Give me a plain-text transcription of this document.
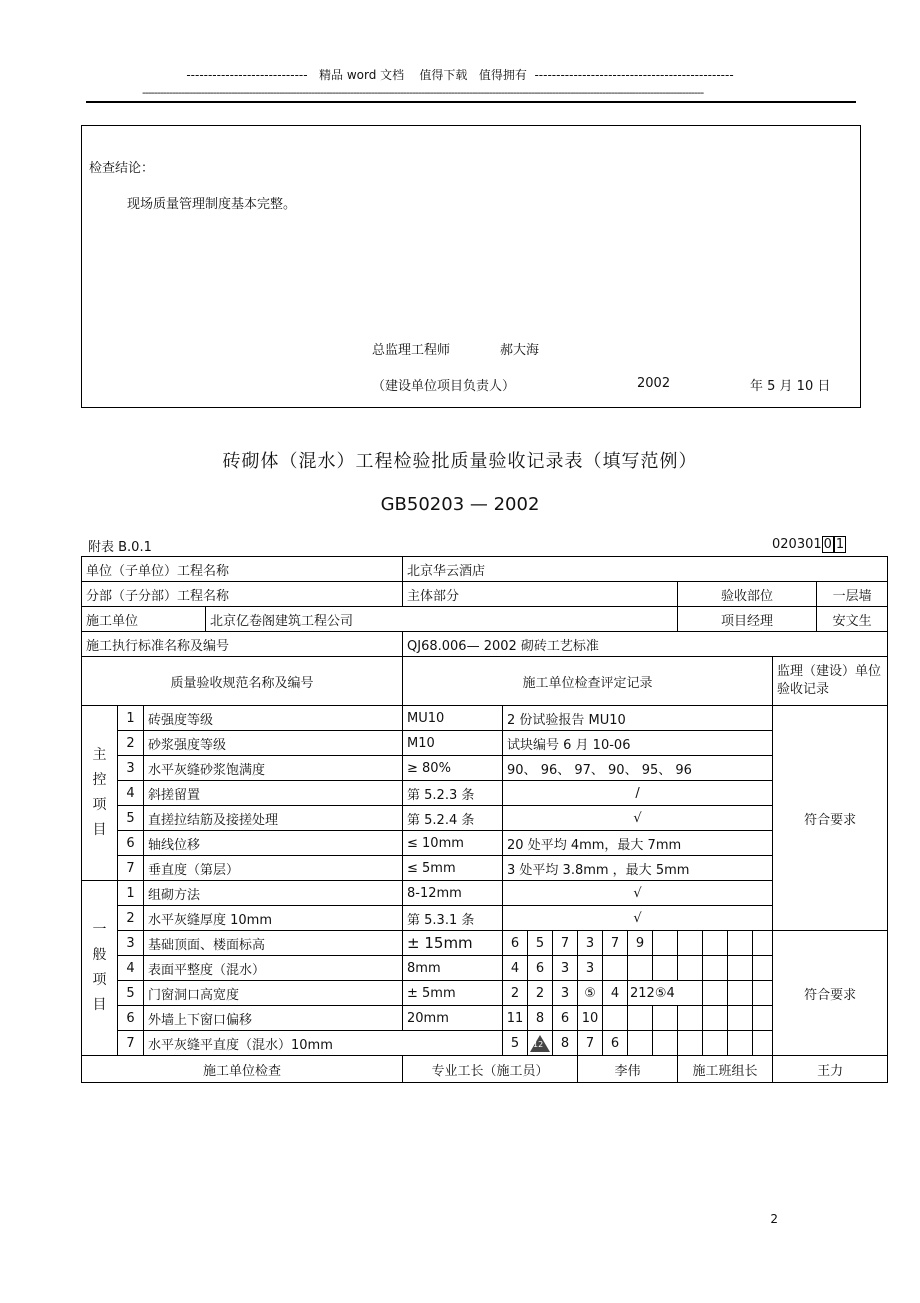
----------------------------   精品 word 文档    值得下载   值得拥有  ----------------------------------------------
---------------------------------------------------------------------------------------------------------------------------------------------------------------------------------------------
检查结论：
现场质量管理制度基本完整。
总监理工程师	郝大海
（建设单位项目负责人）	2002	年 5 月 10 日
砖砌体（混水）工程检验批质量验收记录表（填写范例）
GB50203 — 2002
附表 B.0.1	020301 0 1
单位（子单位）工程名称				北京华云酒店													
分部（子分部）工程名称				主体部分								验收部位					一层墙
施工单位			北京亿卷阁建筑工程公司									项目经理					安文生
施工执行标准名称及编号				QJ68.006— 2002 砌砖工艺标准													
质量验收规范名称及编号				施工单位检查评定记录												监理（建设）单位
验收记录	

主控项目	1	砖强度等级		MU10	2 份试验报告 MU10											符合要求	
	2	砂浆强度等级		M10	试块编号 6 月 10-06												
	3	水平灰缝砂浆饱满度		≥ 80%	90、 96、 97、 90、 95、 96												
	4	斜搓留置		第 5.2.3 条	/												
	5	直搓拉结筋及接搓处理		第 5.2.4 条	√												
	6	轴线位移		≤ 10mm	20 处平均 4mm，最大 7mm												
	7	垂直度（第层）		≤ 5mm	3 处平均 3.8mm ，最大 5mm												
一般项目	1	组砌方法		8-12mm	√												
	2	水平灰缝厚度 10mm		第 5.3.1 条	√												
	3	基础顶面、楼面标高		± 15mm	6	5	7	3	7	9						符合要求	
	4	表面平整度（混水）		8mm	4	6	3	3									
	5	门窗洞口高宽度		± 5mm	2	2	3	⑤	4	212⑤4							
	6	外墙上下窗口偏移		20mm	11	8	6	10									
	7	水平灰缝平直度（混水）10mm			5	12	8	7	6								
施工单位检查				专业工长（施工员）				李伟				施工班组长				王力	
2
